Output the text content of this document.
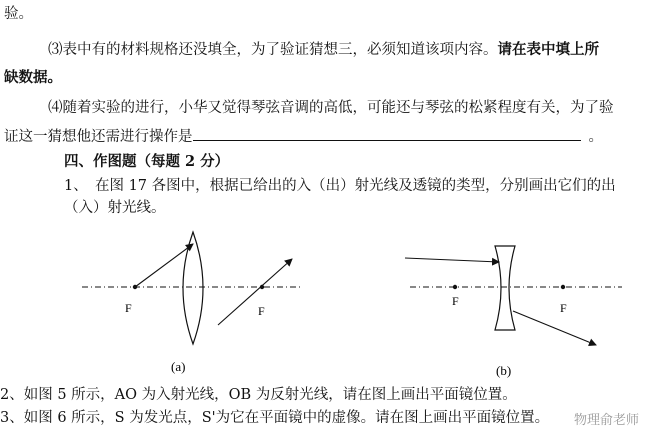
验。
⑶表中有的材料规格还没填全，为了验证猜想三，必须知道该项内容。请在表中填上所
缺数据。
⑷随着实验的进行，小华又觉得琴弦音调的高低，可能还与琴弦的松紧程度有关，为了验
证这一猜想他还需进行操作是	。
四、作图题（每题 2 分）
1、　在图 17 各图中，根据已给出的入（出）射光线及透镜的类型，分别画出它们的出
（入）射光线。
F	F
(a)
F	F
(b)
2、如图 5 所示，AO 为入射光线，OB 为反射光线，请在图上画出平面镜位置。
3、如图 6 所示，S 为发光点，S'为它在平面镜中的虚像。请在图上画出平面镜位置。 物理俞老师
